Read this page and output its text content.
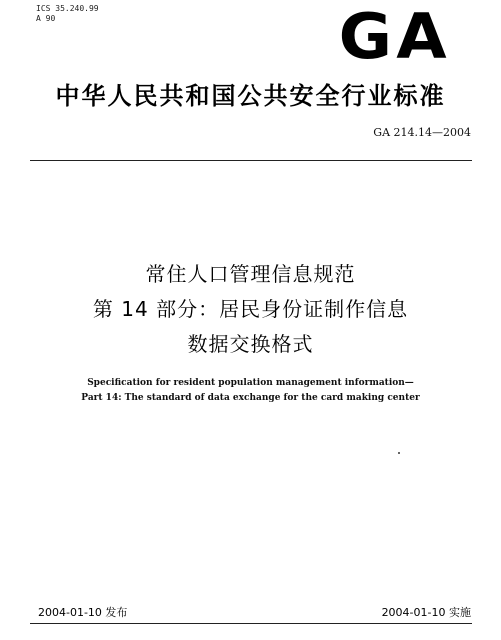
ICS 35.240.99
A 90	GA
中华人民共和国公共安全行业标准
GA 214.14—2004
常住人口管理信息规范
第 14 部分：居民身份证制作信息
数据交换格式
Specification for resident population management information—
Part 14: The standard of data exchange for the card making center
2004-01-10 发布	2004-01-10 实施
